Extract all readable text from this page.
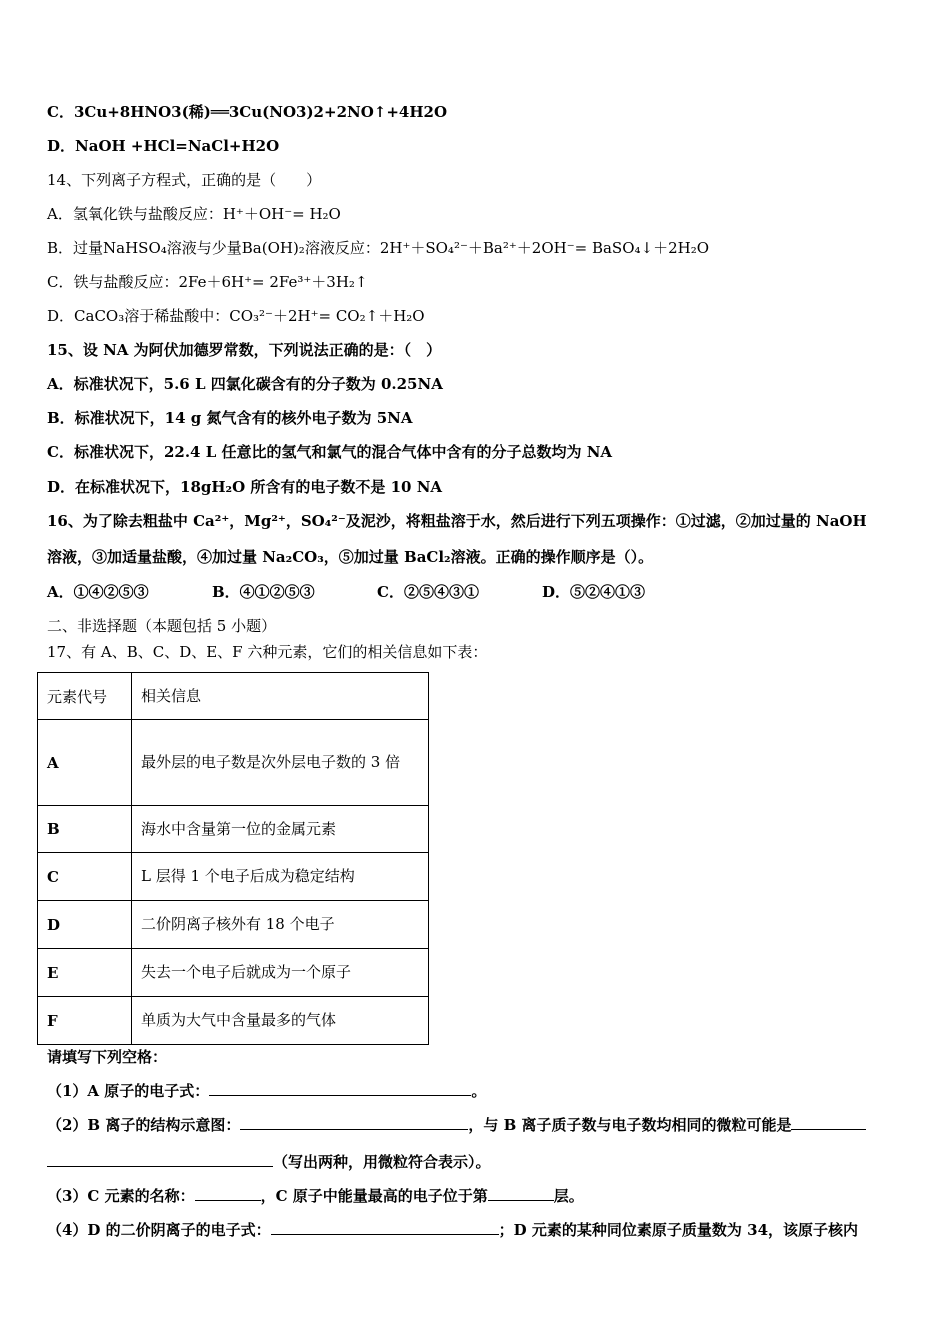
C．3Cu+8HNO3(稀)══3Cu(NO3)2+2NO↑+4H2O
D．NaOH +HCl=NaCl+H2O
14、下列离子方程式，正确的是（　　）
A．氢氧化铁与盐酸反应：H⁺＋OH⁻= H₂O
B．过量NaHSO₄溶液与少量Ba(OH)₂溶液反应：2H⁺＋SO₄²⁻＋Ba²⁺＋2OH⁻= BaSO₄↓＋2H₂O
C．铁与盐酸反应：2Fe＋6H⁺= 2Fe³⁺＋3H₂↑
D．CaCO₃溶于稀盐酸中：CO₃²⁻＋2H⁺= CO₂↑＋H₂O
15、设 NA 为阿伏加德罗常数，下列说法正确的是：（　）
A．标准状况下，5.6 L 四氯化碳含有的分子数为 0.25NA
B．标准状况下，14 g 氮气含有的核外电子数为 5NA
C．标准状况下，22.4 L 任意比的氢气和氯气的混合气体中含有的分子总数均为 NA
D．在标准状况下，18gH₂O 所含有的电子数不是 10 NA
16、为了除去粗盐中 Ca²⁺，Mg²⁺，SO₄²⁻及泥沙，将粗盐溶于水，然后进行下列五项操作：①过滤，②加过量的 NaOH
溶液，③加适量盐酸，④加过量 Na₂CO₃，⑤加过量 BaCl₂溶液。正确的操作顺序是（）。
A．①④②⑤③	B．④①②⑤③	C．②⑤④③①	D．⑤②④①③
二、非选择题（本题包括 5 小题）
17、有 A、B、C、D、E、F 六种元素，它们的相关信息如下表：
元素代号	相关信息
A	最外层的电子数是次外层电子数的 3 倍
B	海水中含量第一位的金属元素
C	L 层得 1 个电子后成为稳定结构
D	二价阴离子核外有 18 个电子
E	失去一个电子后就成为一个原子
F	单质为大气中含量最多的气体
请填写下列空格：
（1）A 原子的电子式：	。
（2）B 离子的结构示意图：	，与 B 离子质子数与电子数均相同的微粒可能是
（写出两种，用微粒符合表示）。
（3）C 元素的名称：	，C 原子中能量最高的电子位于第	层。
（4）D 的二价阴离子的电子式：	；D 元素的某种同位素原子质量数为 34，该原子核内
